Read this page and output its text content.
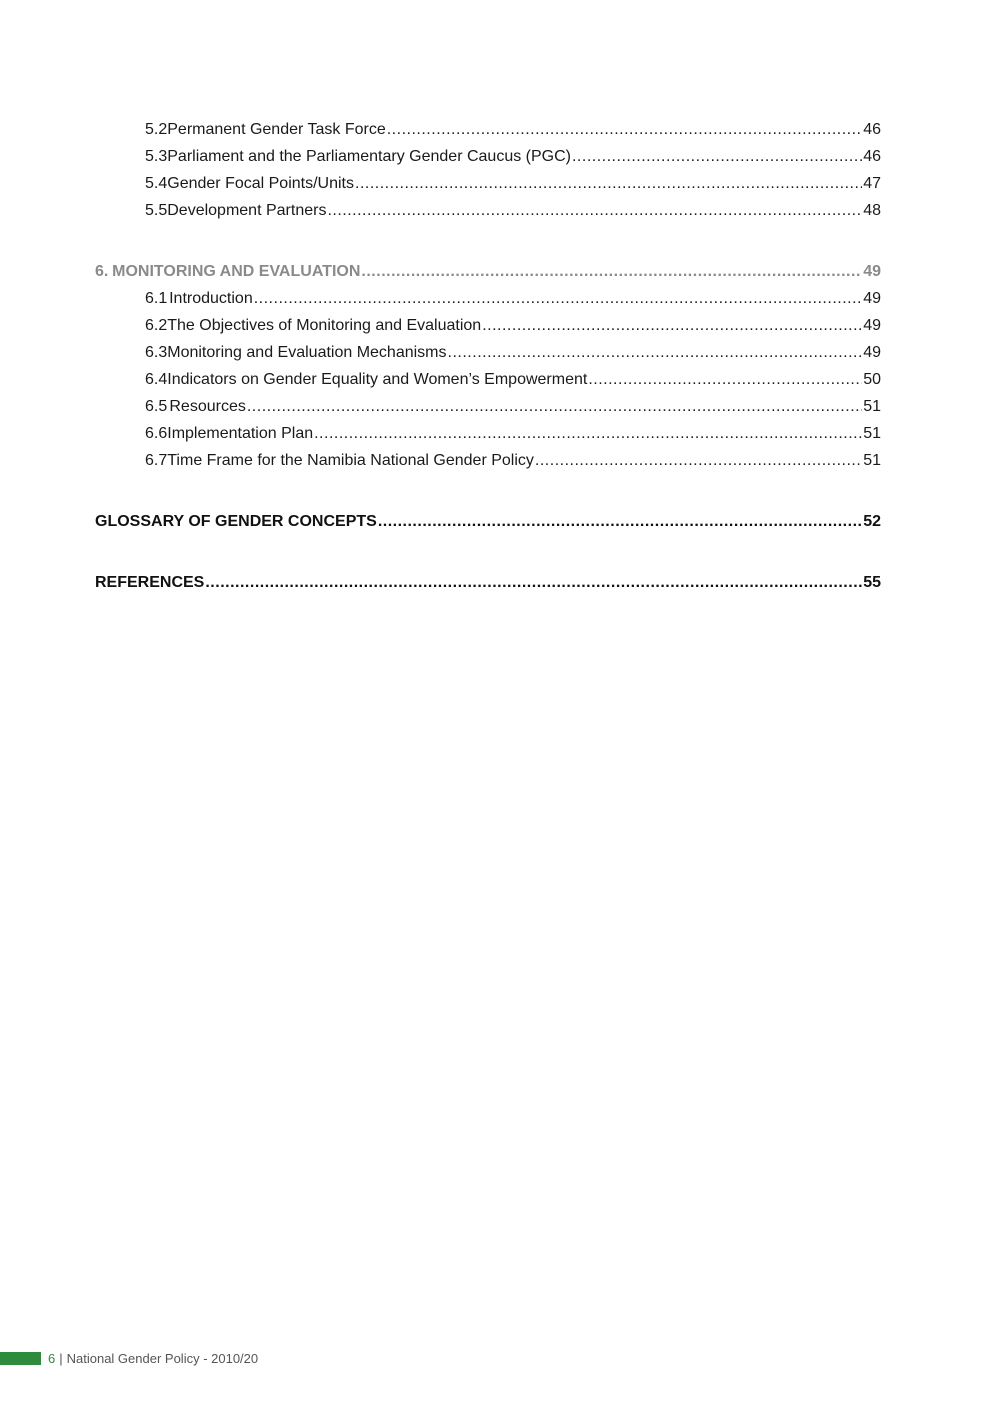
5.2 Permanent Gender Task Force .....	46
5.3 Parliament and the Parliamentary Gender Caucus (PGC) .....	46
5.4 Gender Focal Points/Units .....	47
5.5 Development Partners .....	48
6. MONITORING AND EVALUATION .....	49
6.1 Introduction .....	49
6.2 The Objectives of Monitoring and Evaluation .....	49
6.3 Monitoring and Evaluation Mechanisms .....	49
6.4 Indicators on Gender Equality and Women’s Empowerment .....	50
6.5 Resources .....	51
6.6 Implementation Plan .....	51
6.7 Time Frame for the Namibia National Gender Policy .....	51
GLOSSARY OF GENDER CONCEPTS .....	52
REFERENCES .....	55
6 | National Gender Policy - 2010/20
